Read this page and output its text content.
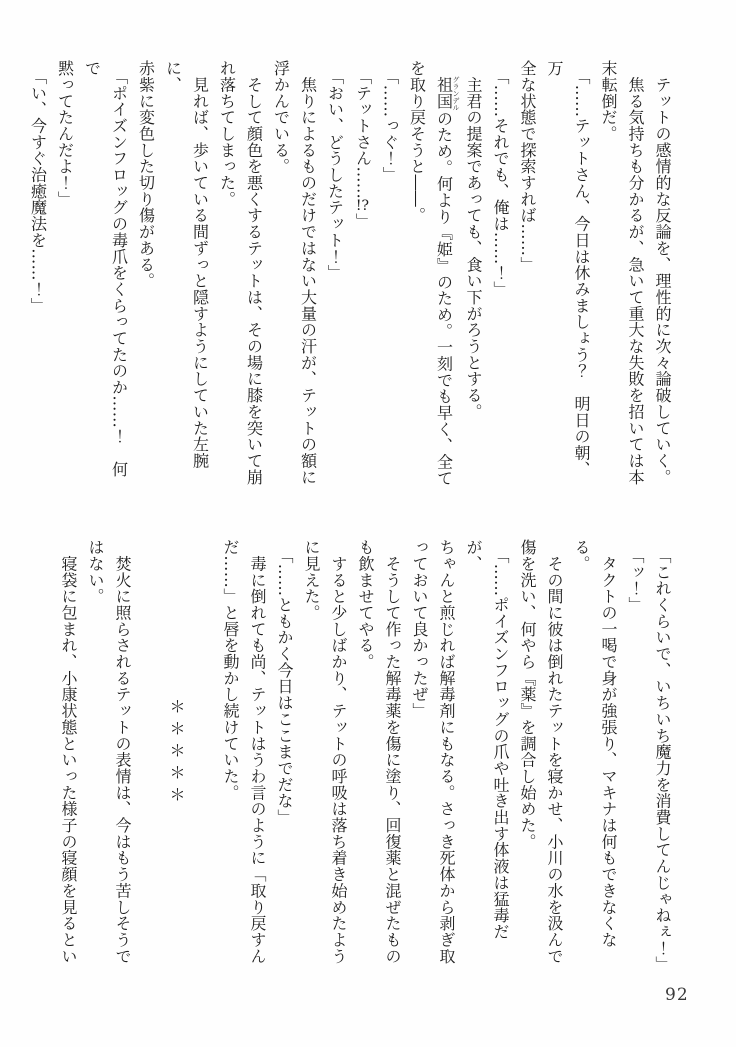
　テットの感情的な反論を、理性的に次々論破していく。

　焦る気持ちも分かるが、急いて重大な失敗を招いては本

末転倒だ。

　「……テットさん、今日は休みましょう？　明日の朝、万

全な状態で探索すれば……」

　「……それでも、俺は……！」

　主君の提案であっても、食い下がろうとする。

　祖国グランデルのため。何より『姫』のため。一刻でも早く、全て

を取り戻そうと――。

　「……っぐ！」

　「テットさん……!?」

　「おい、どうしたテット！」

　焦りによるものだけではない大量の汗が、テットの額に

浮かんでいる。

　そして顔色を悪くするテットは、その場に膝を突いて崩

れ落ちてしまった。

　見れば、歩いている間ずっと隠すようにしていた左腕に、

赤紫に変色した切り傷がある。

　「ポイズンフロッグの毒爪をくらってたのか……！　何で

黙ってたんだよ！」

　「い、今すぐ治癒魔法を……！」

　「これくらいで、いちいち魔力を消費してんじゃねぇ！」

　「ッ！」

　タクトの一喝で身が強張り、マキナは何もできなくなる。

　その間に彼は倒れたテットを寝かせ、小川の水を汲んで

傷を洗い、何やら『薬』を調合し始めた。

　「……ポイズンフロッグの爪や吐き出す体液は猛毒だが、

ちゃんと煎じれば解毒剤にもなる。さっき死体から剥ぎ取

っておいて良かったぜ」

　そうして作った解毒薬を傷に塗り、回復薬と混ぜたもの

も飲ませてやる。

　すると少しばかり、テットの呼吸は落ち着き始めたよう

に見えた。

　「……ともかく今日はここまでだな」

　毒に倒れても尚、テットはうわ言のように「取り戻すん

だ……」と唇を動かし続けていた。

＊＊＊＊＊

　焚火に照らされるテットの表情は、今はもう苦しそうで

はない。

　寝袋に包まれ、小康状態といった様子の寝顔を見るとい

92
